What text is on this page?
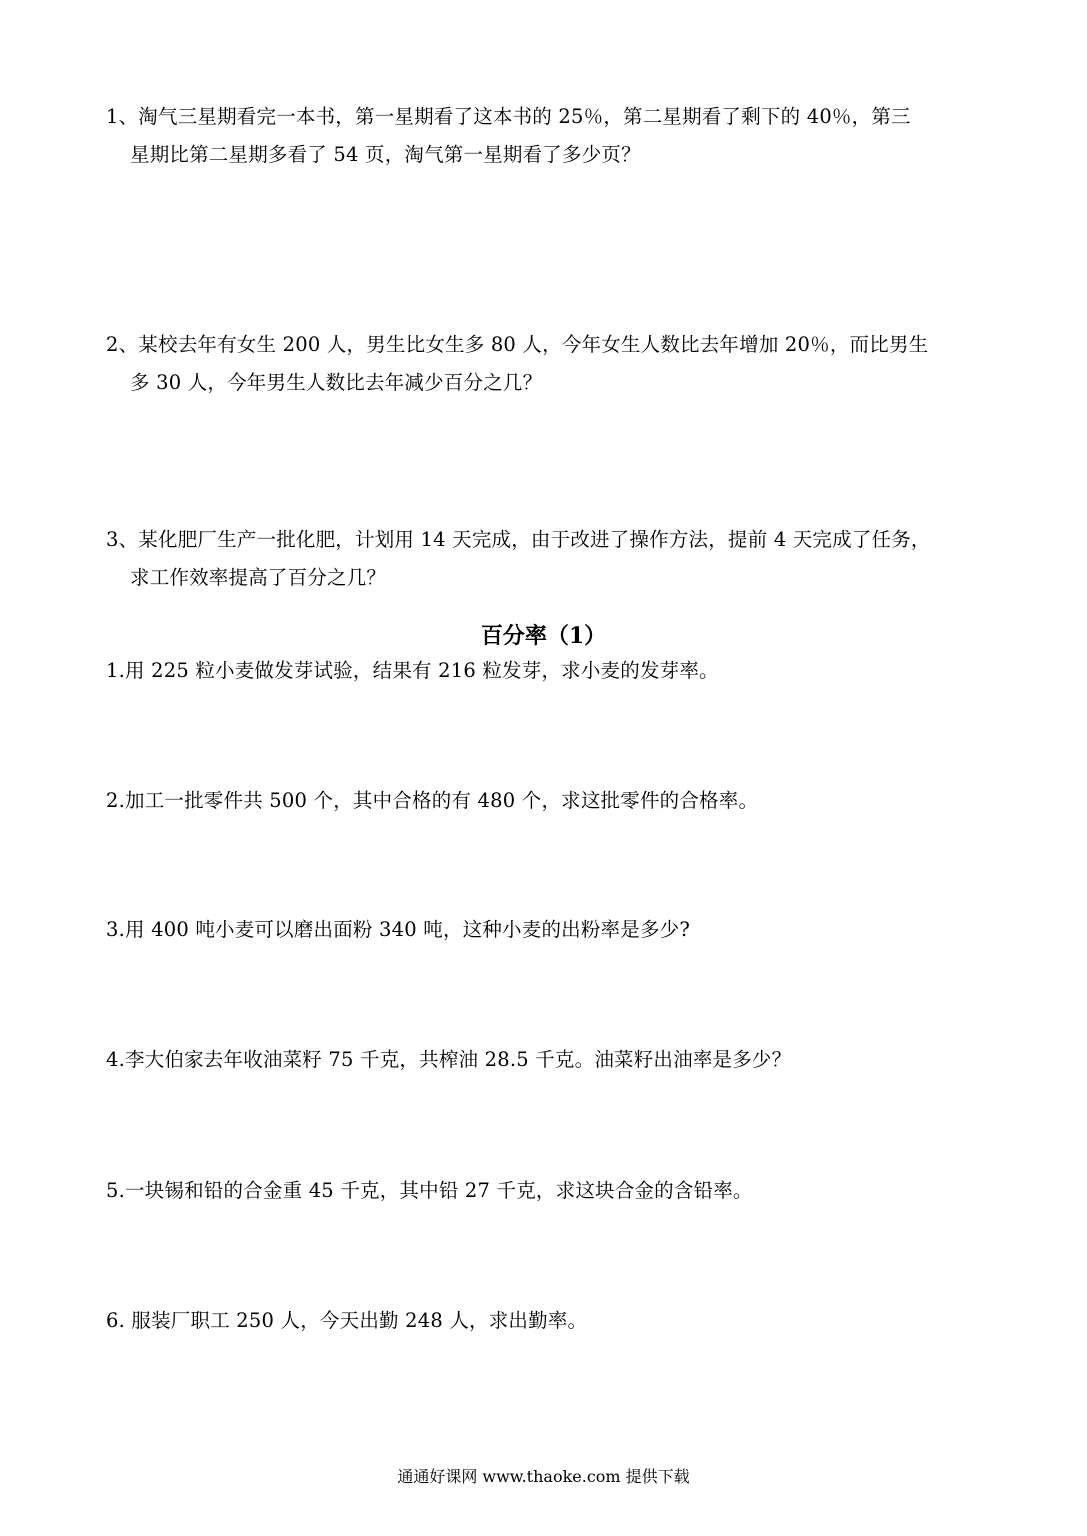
1、淘气三星期看完一本书，第一星期看了这本书的 25％，第二星期看了剩下的 40％，第三
星期比第二星期多看了 54 页，淘气第一星期看了多少页？
2、某校去年有女生 200 人，男生比女生多 80 人，今年女生人数比去年增加 20％，而比男生
多 30 人，今年男生人数比去年减少百分之几？
3、某化肥厂生产一批化肥，计划用 14 天完成，由于改进了操作方法，提前 4 天完成了任务，
求工作效率提高了百分之几？
百分率（1）
1.用 225 粒小麦做发芽试验，结果有 216 粒发芽，求小麦的发芽率。
2.加工一批零件共 500 个，其中合格的有 480 个，求这批零件的合格率。
3.用 400 吨小麦可以磨出面粉 340 吨，这种小麦的出粉率是多少?
4.李大伯家去年收油菜籽 75 千克，共榨油 28.5 千克。油菜籽出油率是多少？
5.一块锡和铅的合金重 45 千克，其中铅 27 千克，求这块合金的含铅率。
6. 服装厂职工 250 人，今天出勤 248 人，求出勤率。
通通好课网 www.thaoke.com 提供下载
